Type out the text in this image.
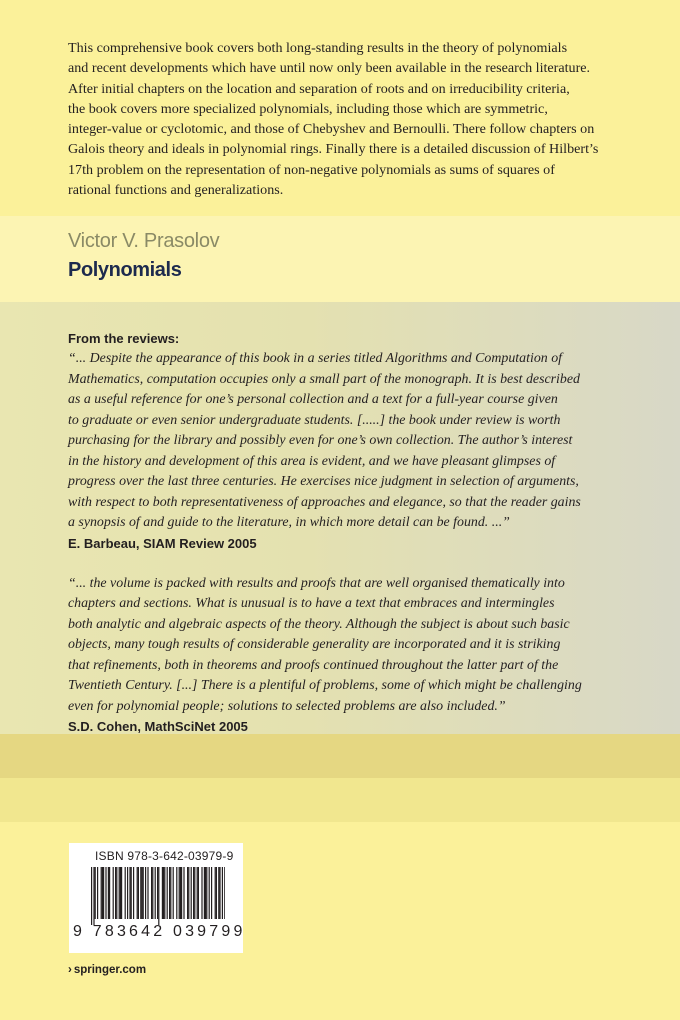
This comprehensive book covers both long-standing results in the theory of polynomials
and recent developments which have until now only been available in the research literature.
After initial chapters on the location and separation of roots and on irreducibility criteria,
the book covers more specialized polynomials, including those which are symmetric,
integer-value or cyclotomic, and those of Chebyshev and Bernoulli. There follow chapters on
Galois theory and ideals in polynomial rings. Finally there is a detailed discussion of Hilbert’s
17th problem on the representation of non-negative polynomials as sums of squares of
rational functions and generalizations.
Victor V. Prasolov
Polynomials
From the reviews:
“... Despite the appearance of this book in a series titled Algorithms and Computation of
Mathematics, computation occupies only a small part of the monograph. It is best described
as a useful reference for one’s personal collection and a text for a full-year course given
to graduate or even senior undergraduate students. [.....] the book under review is worth
purchasing for the library and possibly even for one’s own collection. The author’s interest
in the history and development of this area is evident, and we have pleasant glimpses of
progress over the last three centuries. He exercises nice judgment in selection of arguments,
with respect to both representativeness of approaches and elegance, so that the reader gains
a synopsis of and guide to the literature, in which more detail can be found. ...”
E. Barbeau, SIAM Review 2005
“... the volume is packed with results and proofs that are well organised thematically into
chapters and sections. What is unusual is to have a text that embraces and intermingles
both analytic and algebraic aspects of the theory. Although the subject is about such basic
objects, many tough results of considerable generality are incorporated and it is striking
that refinements, both in theorems and proofs continued throughout the latter part of the
Twentieth Century. [...] There is a plentiful of problems, some of which might be challenging
even for polynomial people; solutions to selected problems are also included.”
S.D. Cohen, MathSciNet 2005
ISBN 978-3-642-03979-9
9 783642 039799
› springer.com
